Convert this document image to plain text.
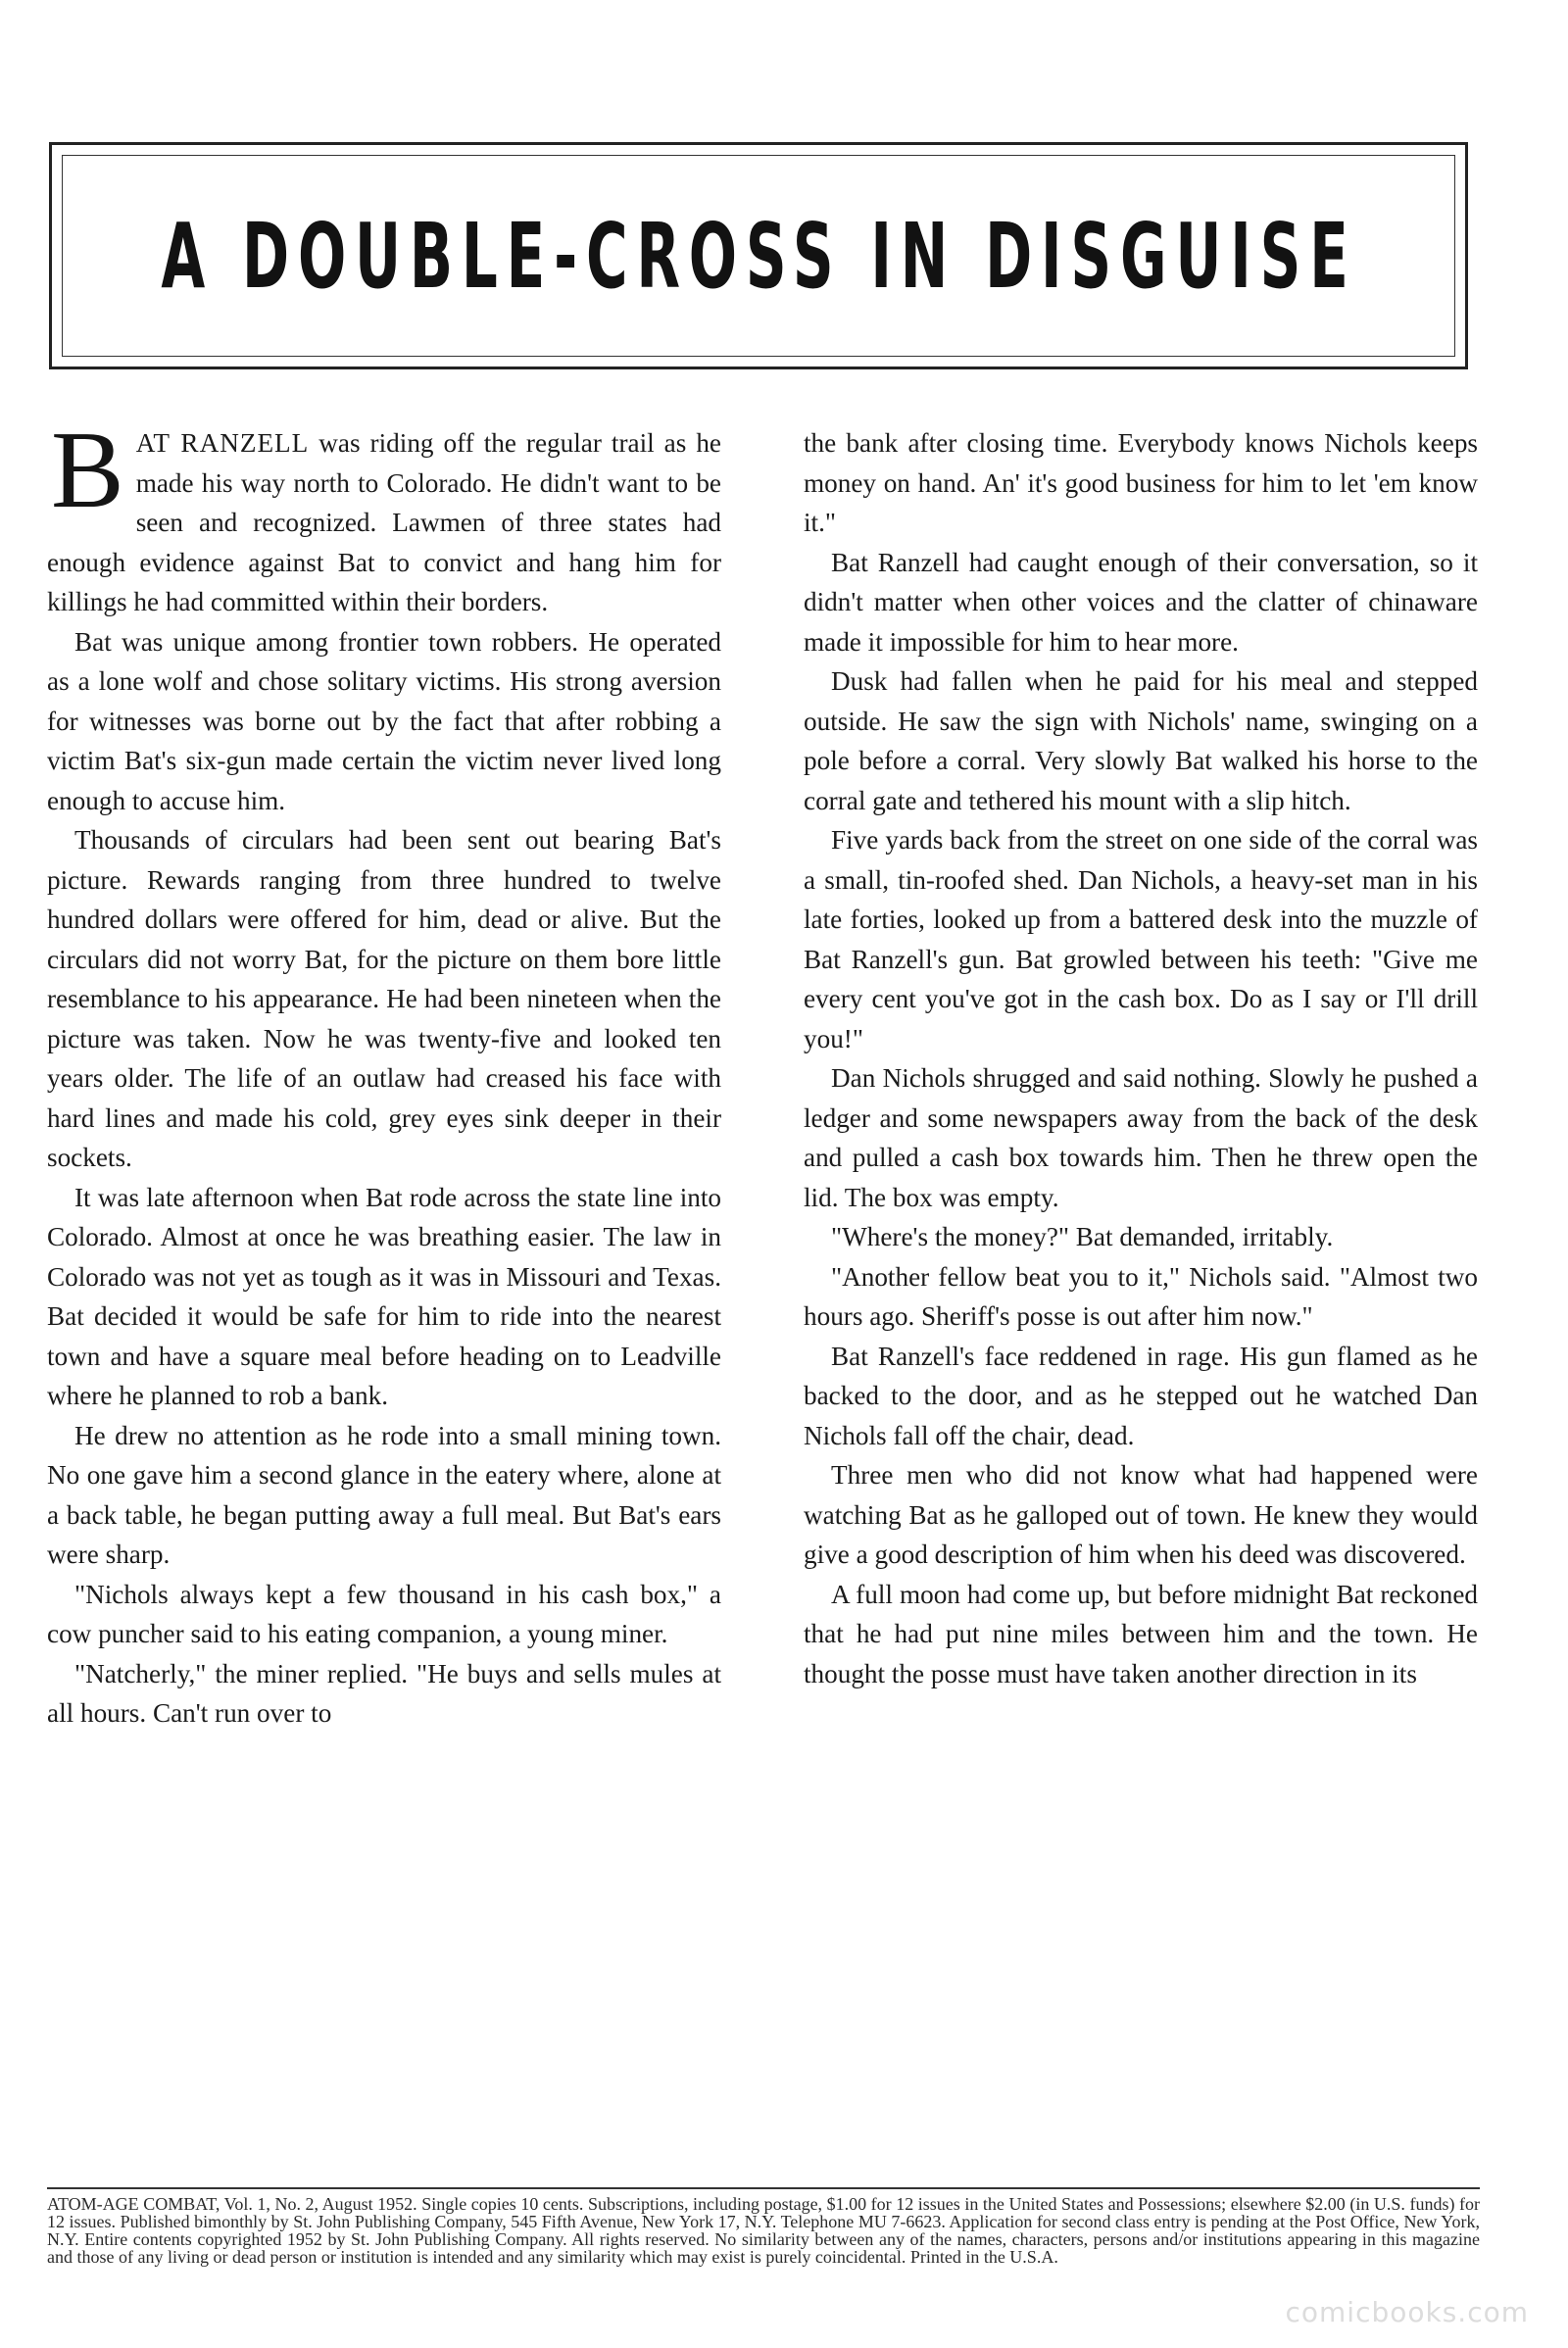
A DOUBLE-CROSS IN DISGUISE

BAT RANZELL was riding off the regular trail as he made his way north to Colorado. He didn't want to be seen and recognized. Lawmen of three states had enough evidence against Bat to convict and hang him for killings he had committed within their borders.

Bat was unique among frontier town robbers. He operated as a lone wolf and chose solitary victims. His strong aversion for witnesses was borne out by the fact that after robbing a victim Bat's six-gun made certain the victim never lived long enough to accuse him.

Thousands of circulars had been sent out bearing Bat's picture. Rewards ranging from three hundred to twelve hundred dollars were offered for him, dead or alive. But the circulars did not worry Bat, for the picture on them bore little resemblance to his appearance. He had been nineteen when the picture was taken. Now he was twenty-five and looked ten years older. The life of an outlaw had creased his face with hard lines and made his cold, grey eyes sink deeper in their sockets.

It was late afternoon when Bat rode across the state line into Colorado. Almost at once he was breathing easier. The law in Colorado was not yet as tough as it was in Missouri and Texas. Bat decided it would be safe for him to ride into the nearest town and have a square meal before heading on to Leadville where he planned to rob a bank.

He drew no attention as he rode into a small mining town. No one gave him a second glance in the eatery where, alone at a back table, he began putting away a full meal. But Bat's ears were sharp.

"Nichols always kept a few thousand in his cash box," a cow puncher said to his eating companion, a young miner.

"Natcherly," the miner replied. "He buys and sells mules at all hours. Can't run over to

the bank after closing time. Everybody knows Nichols keeps money on hand. An' it's good business for him to let 'em know it."

Bat Ranzell had caught enough of their conversation, so it didn't matter when other voices and the clatter of chinaware made it impossible for him to hear more.

Dusk had fallen when he paid for his meal and stepped outside. He saw the sign with Nichols' name, swinging on a pole before a corral. Very slowly Bat walked his horse to the corral gate and tethered his mount with a slip hitch.

Five yards back from the street on one side of the corral was a small, tin-roofed shed. Dan Nichols, a heavy-set man in his late forties, looked up from a battered desk into the muzzle of Bat Ranzell's gun. Bat growled between his teeth: "Give me every cent you've got in the cash box. Do as I say or I'll drill you!"

Dan Nichols shrugged and said nothing. Slowly he pushed a ledger and some newspapers away from the back of the desk and pulled a cash box towards him. Then he threw open the lid. The box was empty.

"Where's the money?" Bat demanded, irritably.

"Another fellow beat you to it," Nichols said. "Almost two hours ago. Sheriff's posse is out after him now."

Bat Ranzell's face reddened in rage. His gun flamed as he backed to the door, and as he stepped out he watched Dan Nichols fall off the chair, dead.

Three men who did not know what had happened were watching Bat as he galloped out of town. He knew they would give a good description of him when his deed was discovered.

A full moon had come up, but before midnight Bat reckoned that he had put nine miles between him and the town. He thought the posse must have taken another direction in its

ATOM-AGE COMBAT, Vol. 1, No. 2, August 1952. Single copies 10 cents. Subscriptions, including postage, $1.00 for 12 issues in the United States and Possessions; elsewhere $2.00 (in U.S. funds) for 12 issues. Published bimonthly by St. John Publishing Company, 545 Fifth Avenue, New York 17, N.Y. Telephone MU 7-6623. Application for second class entry is pending at the Post Office, New York, N.Y. Entire contents copyrighted 1952 by St. John Publishing Company. All rights reserved. No similarity between any of the names, characters, persons and/or institutions appearing in this magazine and those of any living or dead person or institution is intended and any similarity which may exist is purely coincidental. Printed in the U.S.A.

comicbooks.com
